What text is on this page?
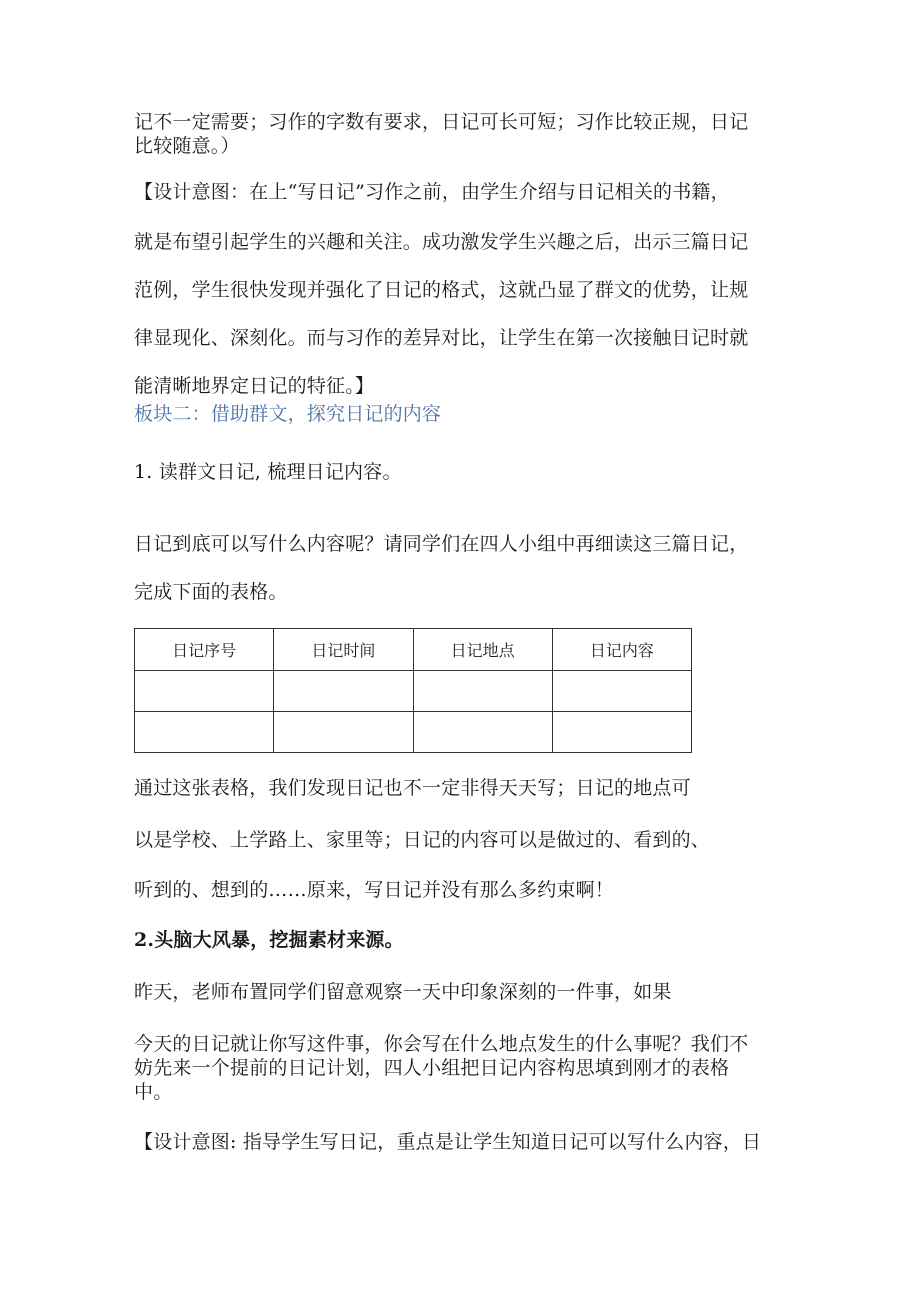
记不一定需要；习作的字数有要求，日记可长可短；习作比较正规，日记

比较随意。）

【设计意图：在上“写日记”习作之前，由学生介绍与日记相关的书籍，

就是布望引起学生的兴趣和关注。成功激发学生兴趣之后，出示三篇日记

范例，学生很快发现并强化了日记的格式，这就凸显了群文的优势，让规

律显现化、深刻化。而与习作的差异对比，让学生在第一次接触日记时就

能清晰地界定日记的特征。】

板块二：借助群文，探究日记的内容

1. 读群文日记, 梳理日记内容。

日记到底可以写什么内容呢？请同学们在四人小组中再细读这三篇日记，

完成下面的表格。

日记序号	日记时间	日记地点	日记内容

通过这张表格，我们发现日记也不一定非得天天写；日记的地点可

以是学校、上学路上、家里等；日记的内容可以是做过的、看到的、

听到的、想到的……原来，写日记并没有那么多约束啊！

2.头脑大风暴，挖掘素材来源。

昨天，老师布置同学们留意观察一天中印象深刻的一件事，如果

今天的日记就让你写这件事，你会写在什么地点发生的什么事呢？我们不

妨先来一个提前的日记计划，四人小组把日记内容构思填到刚才的表格

中。

【设计意图: 指导学生写日记，重点是让学生知道日记可以写什么内容，日
